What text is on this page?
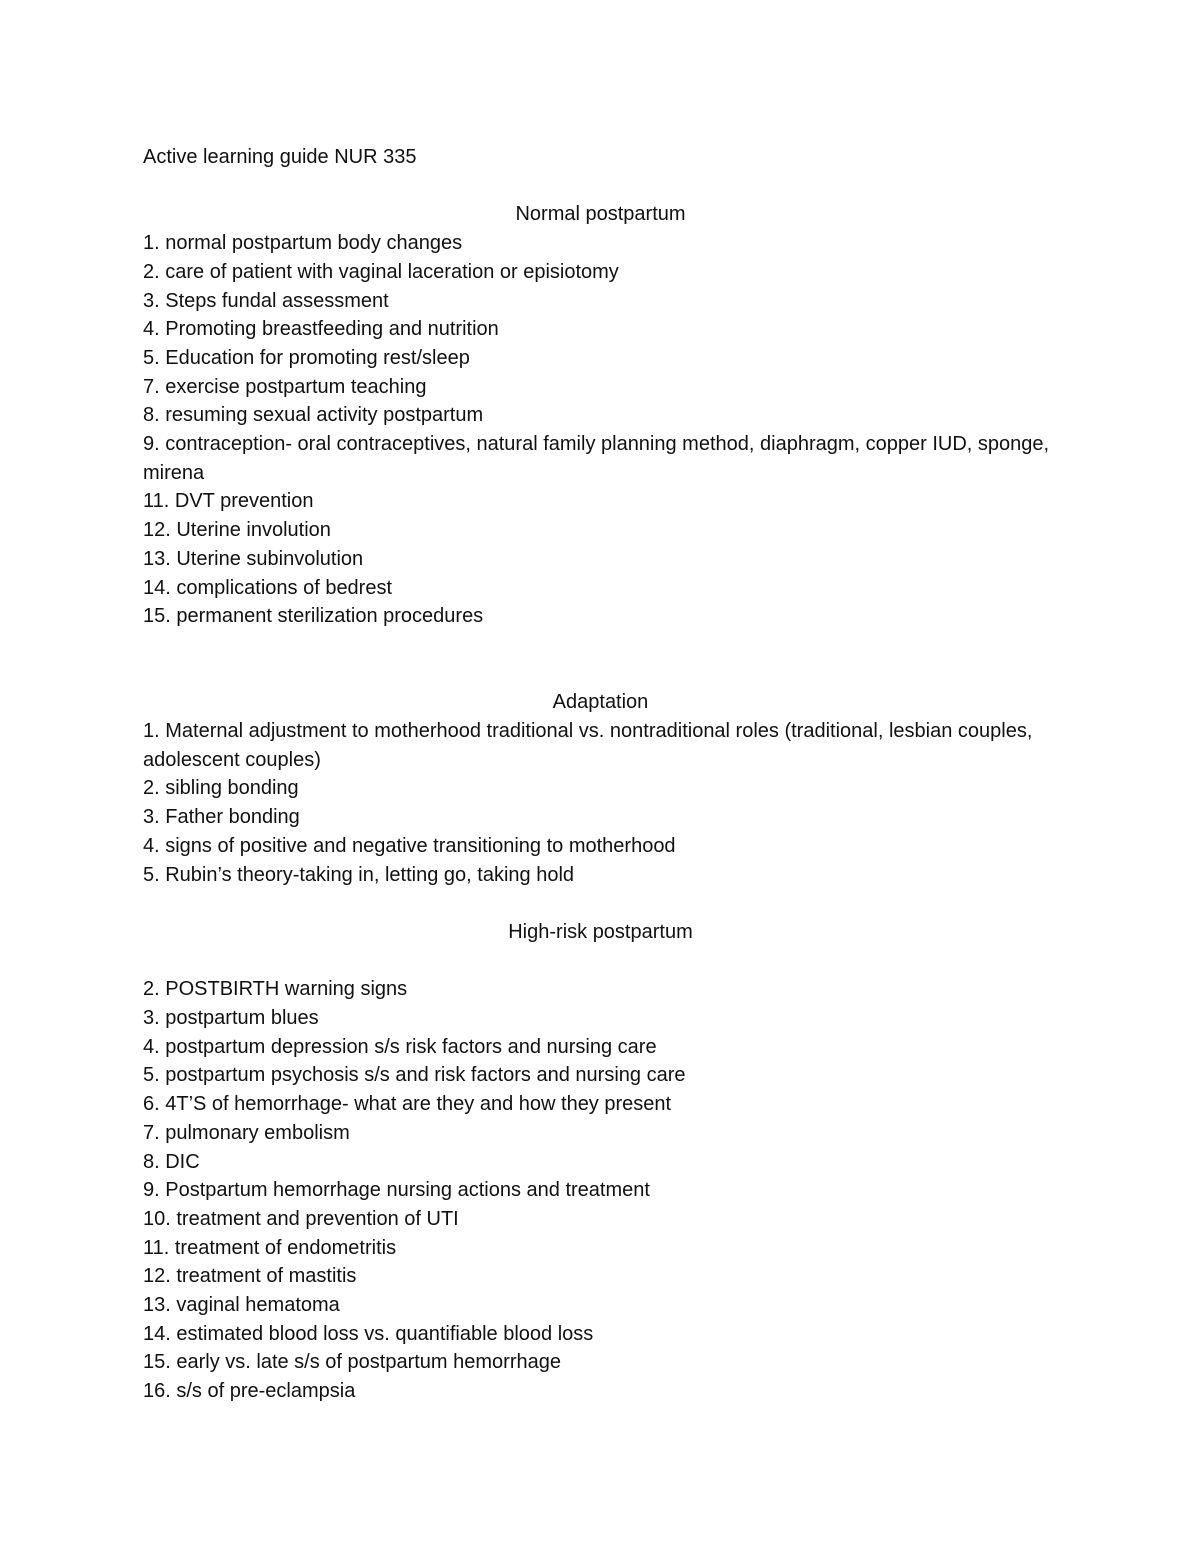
Active learning guide NUR 335

Normal postpartum

1. normal postpartum body changes

2. care of patient with vaginal laceration or episiotomy

3. Steps fundal assessment

4. Promoting breastfeeding and nutrition

5. Education for promoting rest/sleep

7. exercise postpartum teaching

8. resuming sexual activity postpartum

9. contraception- oral contraceptives, natural family planning method, diaphragm, copper IUD, sponge, mirena

11. DVT prevention

12. Uterine involution

13. Uterine subinvolution

14. complications of bedrest

15. permanent sterilization procedures

Adaptation

1. Maternal adjustment to motherhood traditional vs. nontraditional roles (traditional, lesbian couples, adolescent couples)

2. sibling bonding

3. Father bonding

4. signs of positive and negative transitioning to motherhood

5. Rubin’s theory-taking in, letting go, taking hold

High-risk postpartum

2. POSTBIRTH warning signs

3. postpartum blues

4. postpartum depression s/s risk factors and nursing care

5. postpartum psychosis s/s and risk factors and nursing care

6. 4T’S of hemorrhage- what are they and how they present

7. pulmonary embolism

8. DIC

9. Postpartum hemorrhage nursing actions and treatment

10. treatment and prevention of UTI

11. treatment of endometritis

12. treatment of mastitis

13. vaginal hematoma

14. estimated blood loss vs. quantifiable blood loss

15. early vs. late s/s of postpartum hemorrhage

16. s/s of pre-eclampsia
